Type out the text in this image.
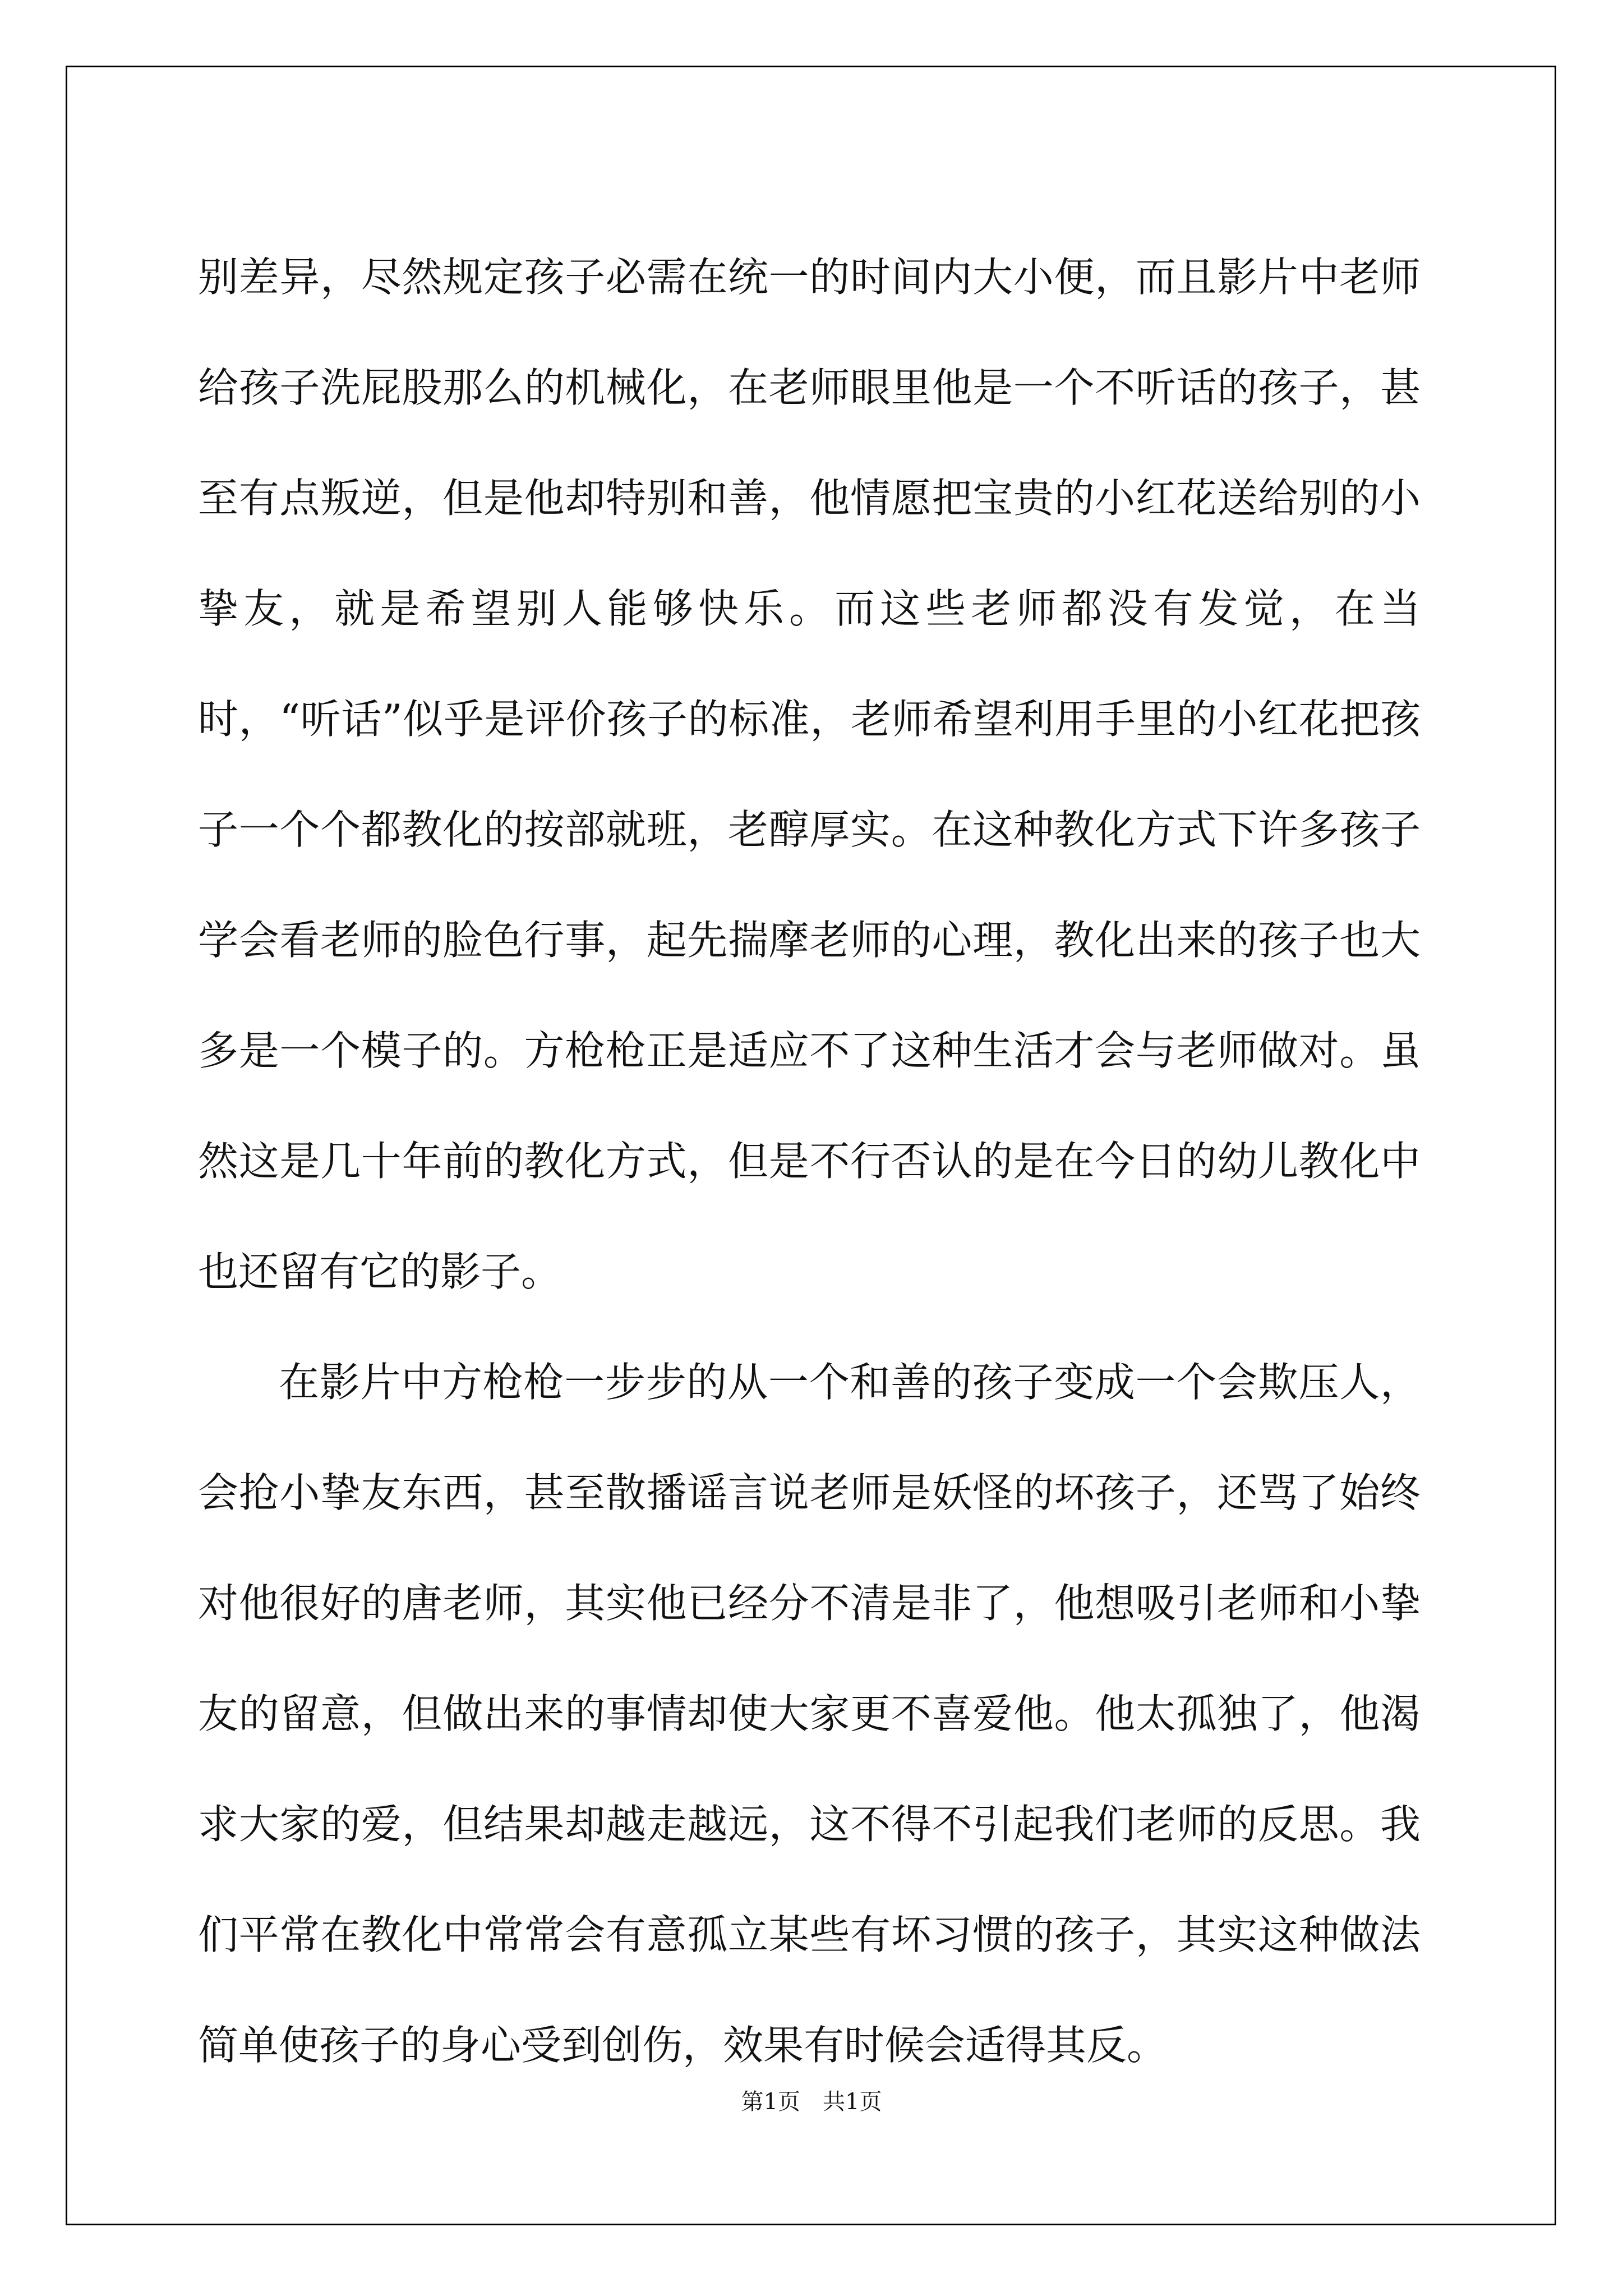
别差异，尽然规定孩子必需在统一的时间内大小便，而且影片中老师给孩子洗屁股那么的机械化，在老师眼里他是一个不听话的孩子，甚至有点叛逆，但是他却特别和善，他情愿把宝贵的小红花送给别的小挚友，就是希望别人能够快乐。而这些老师都没有发觉，在当时，“听话”似乎是评价孩子的标准，老师希望利用手里的小红花把孩子一个个都教化的按部就班，老醇厚实。在这种教化方式下许多孩子学会看老师的脸色行事，起先揣摩老师的心理，教化出来的孩子也大多是一个模子的。方枪枪正是适应不了这种生活才会与老师做对。虽然这是几十年前的教化方式，但是不行否认的是在今日的幼儿教化中也还留有它的影子。

在影片中方枪枪一步步的从一个和善的孩子变成一个会欺压人，会抢小挚友东西，甚至散播谣言说老师是妖怪的坏孩子，还骂了始终对他很好的唐老师，其实他已经分不清是非了，他想吸引老师和小挚友的留意，但做出来的事情却使大家更不喜爱他。他太孤独了，他渴求大家的爱，但结果却越走越远，这不得不引起我们老师的反思。我们平常在教化中常常会有意孤立某些有坏习惯的孩子，其实这种做法简单使孩子的身心受到创伤，效果有时候会适得其反。

第1页　共1页
